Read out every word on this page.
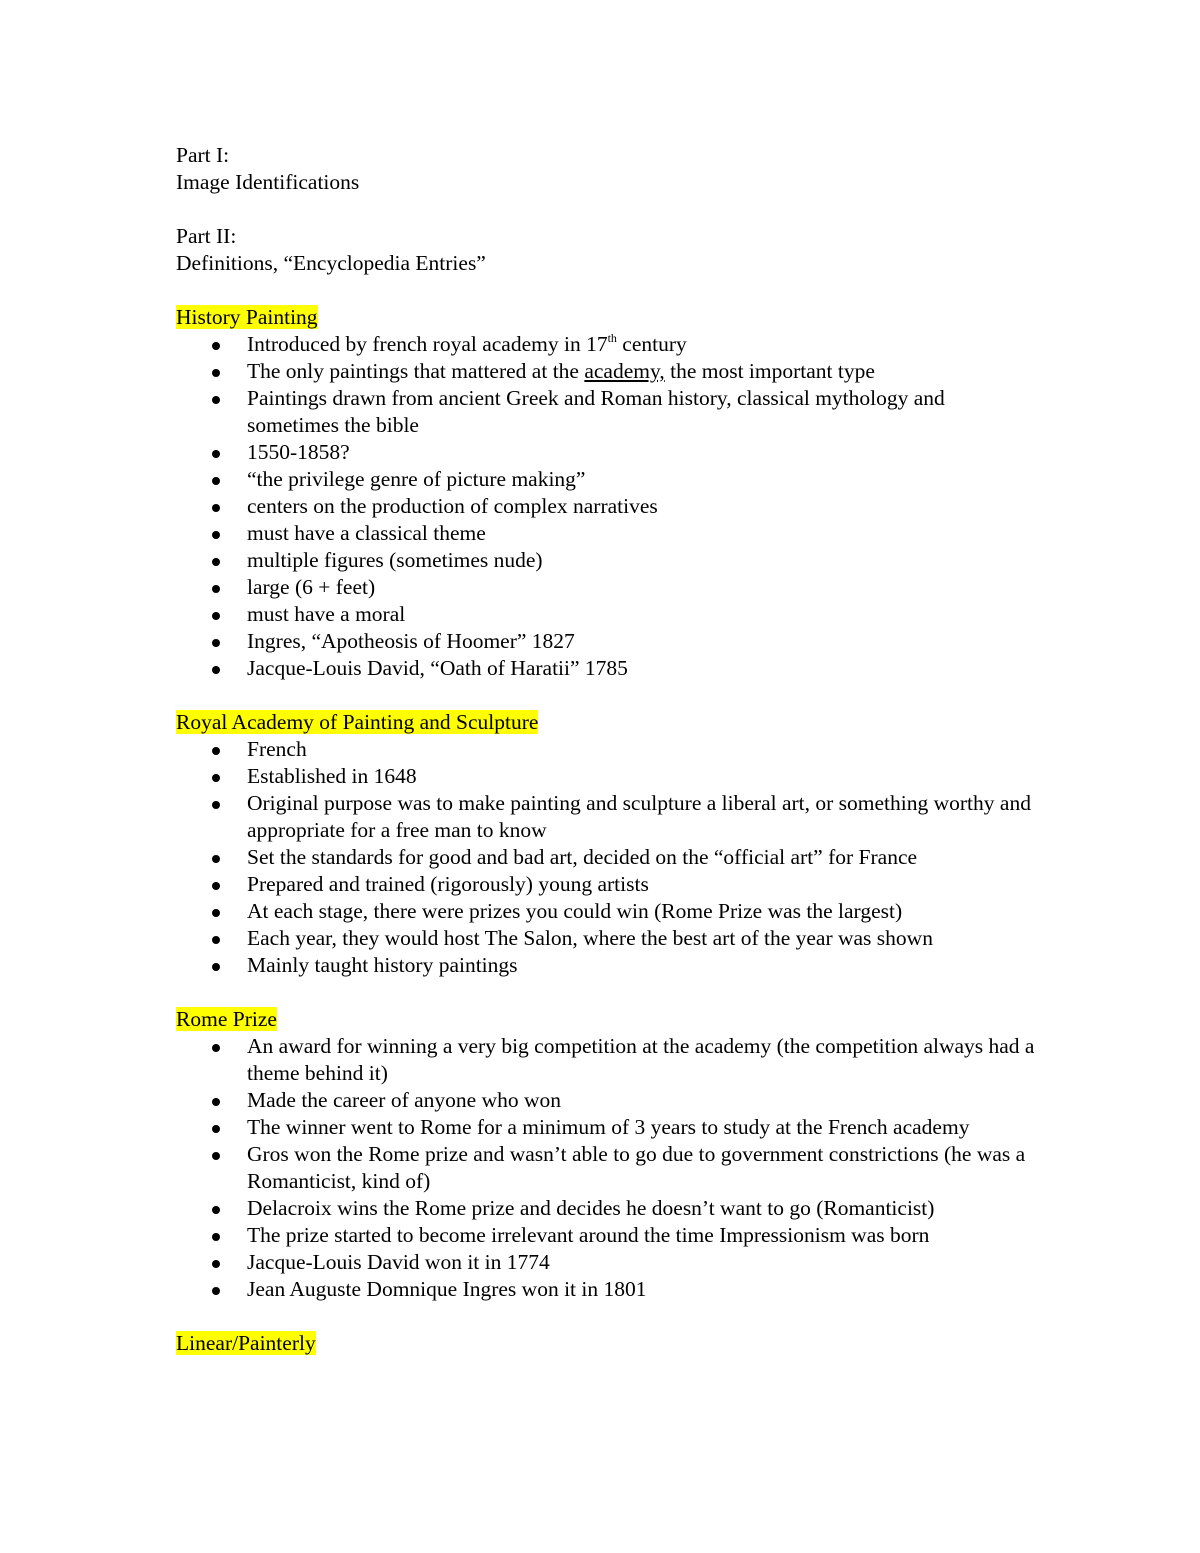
Part I:
Image Identifications
Part II:
Definitions, “Encyclopedia Entries”
History Painting
Introduced by french royal academy in 17th century
The only paintings that mattered at the academy, the most important type
Paintings drawn from ancient Greek and Roman history, classical mythology and sometimes the bible
1550-1858?
“the privilege genre of picture making”
centers on the production of complex narratives
must have a classical theme
multiple figures (sometimes nude)
large (6 + feet)
must have a moral
Ingres, “Apotheosis of Hoomer” 1827
Jacque-Louis David, “Oath of Haratii” 1785
Royal Academy of Painting and Sculpture
French
Established in 1648
Original purpose was to make painting and sculpture a liberal art, or something worthy and appropriate for a free man to know
Set the standards for good and bad art, decided on the “official art” for France
Prepared and trained (rigorously) young artists
At each stage, there were prizes you could win (Rome Prize was the largest)
Each year, they would host The Salon, where the best art of the year was shown
Mainly taught history paintings
Rome Prize
An award for winning a very big competition at the academy (the competition always had a theme behind it)
Made the career of anyone who won
The winner went to Rome for a minimum of 3 years to study at the French academy
Gros won the Rome prize and wasn’t able to go due to government constrictions (he was a Romanticist, kind of)
Delacroix wins the Rome prize and decides he doesn’t want to go (Romanticist)
The prize started to become irrelevant around the time Impressionism was born
Jacque-Louis David won it in 1774
Jean Auguste Domnique Ingres won it in 1801
Linear/Painterly
